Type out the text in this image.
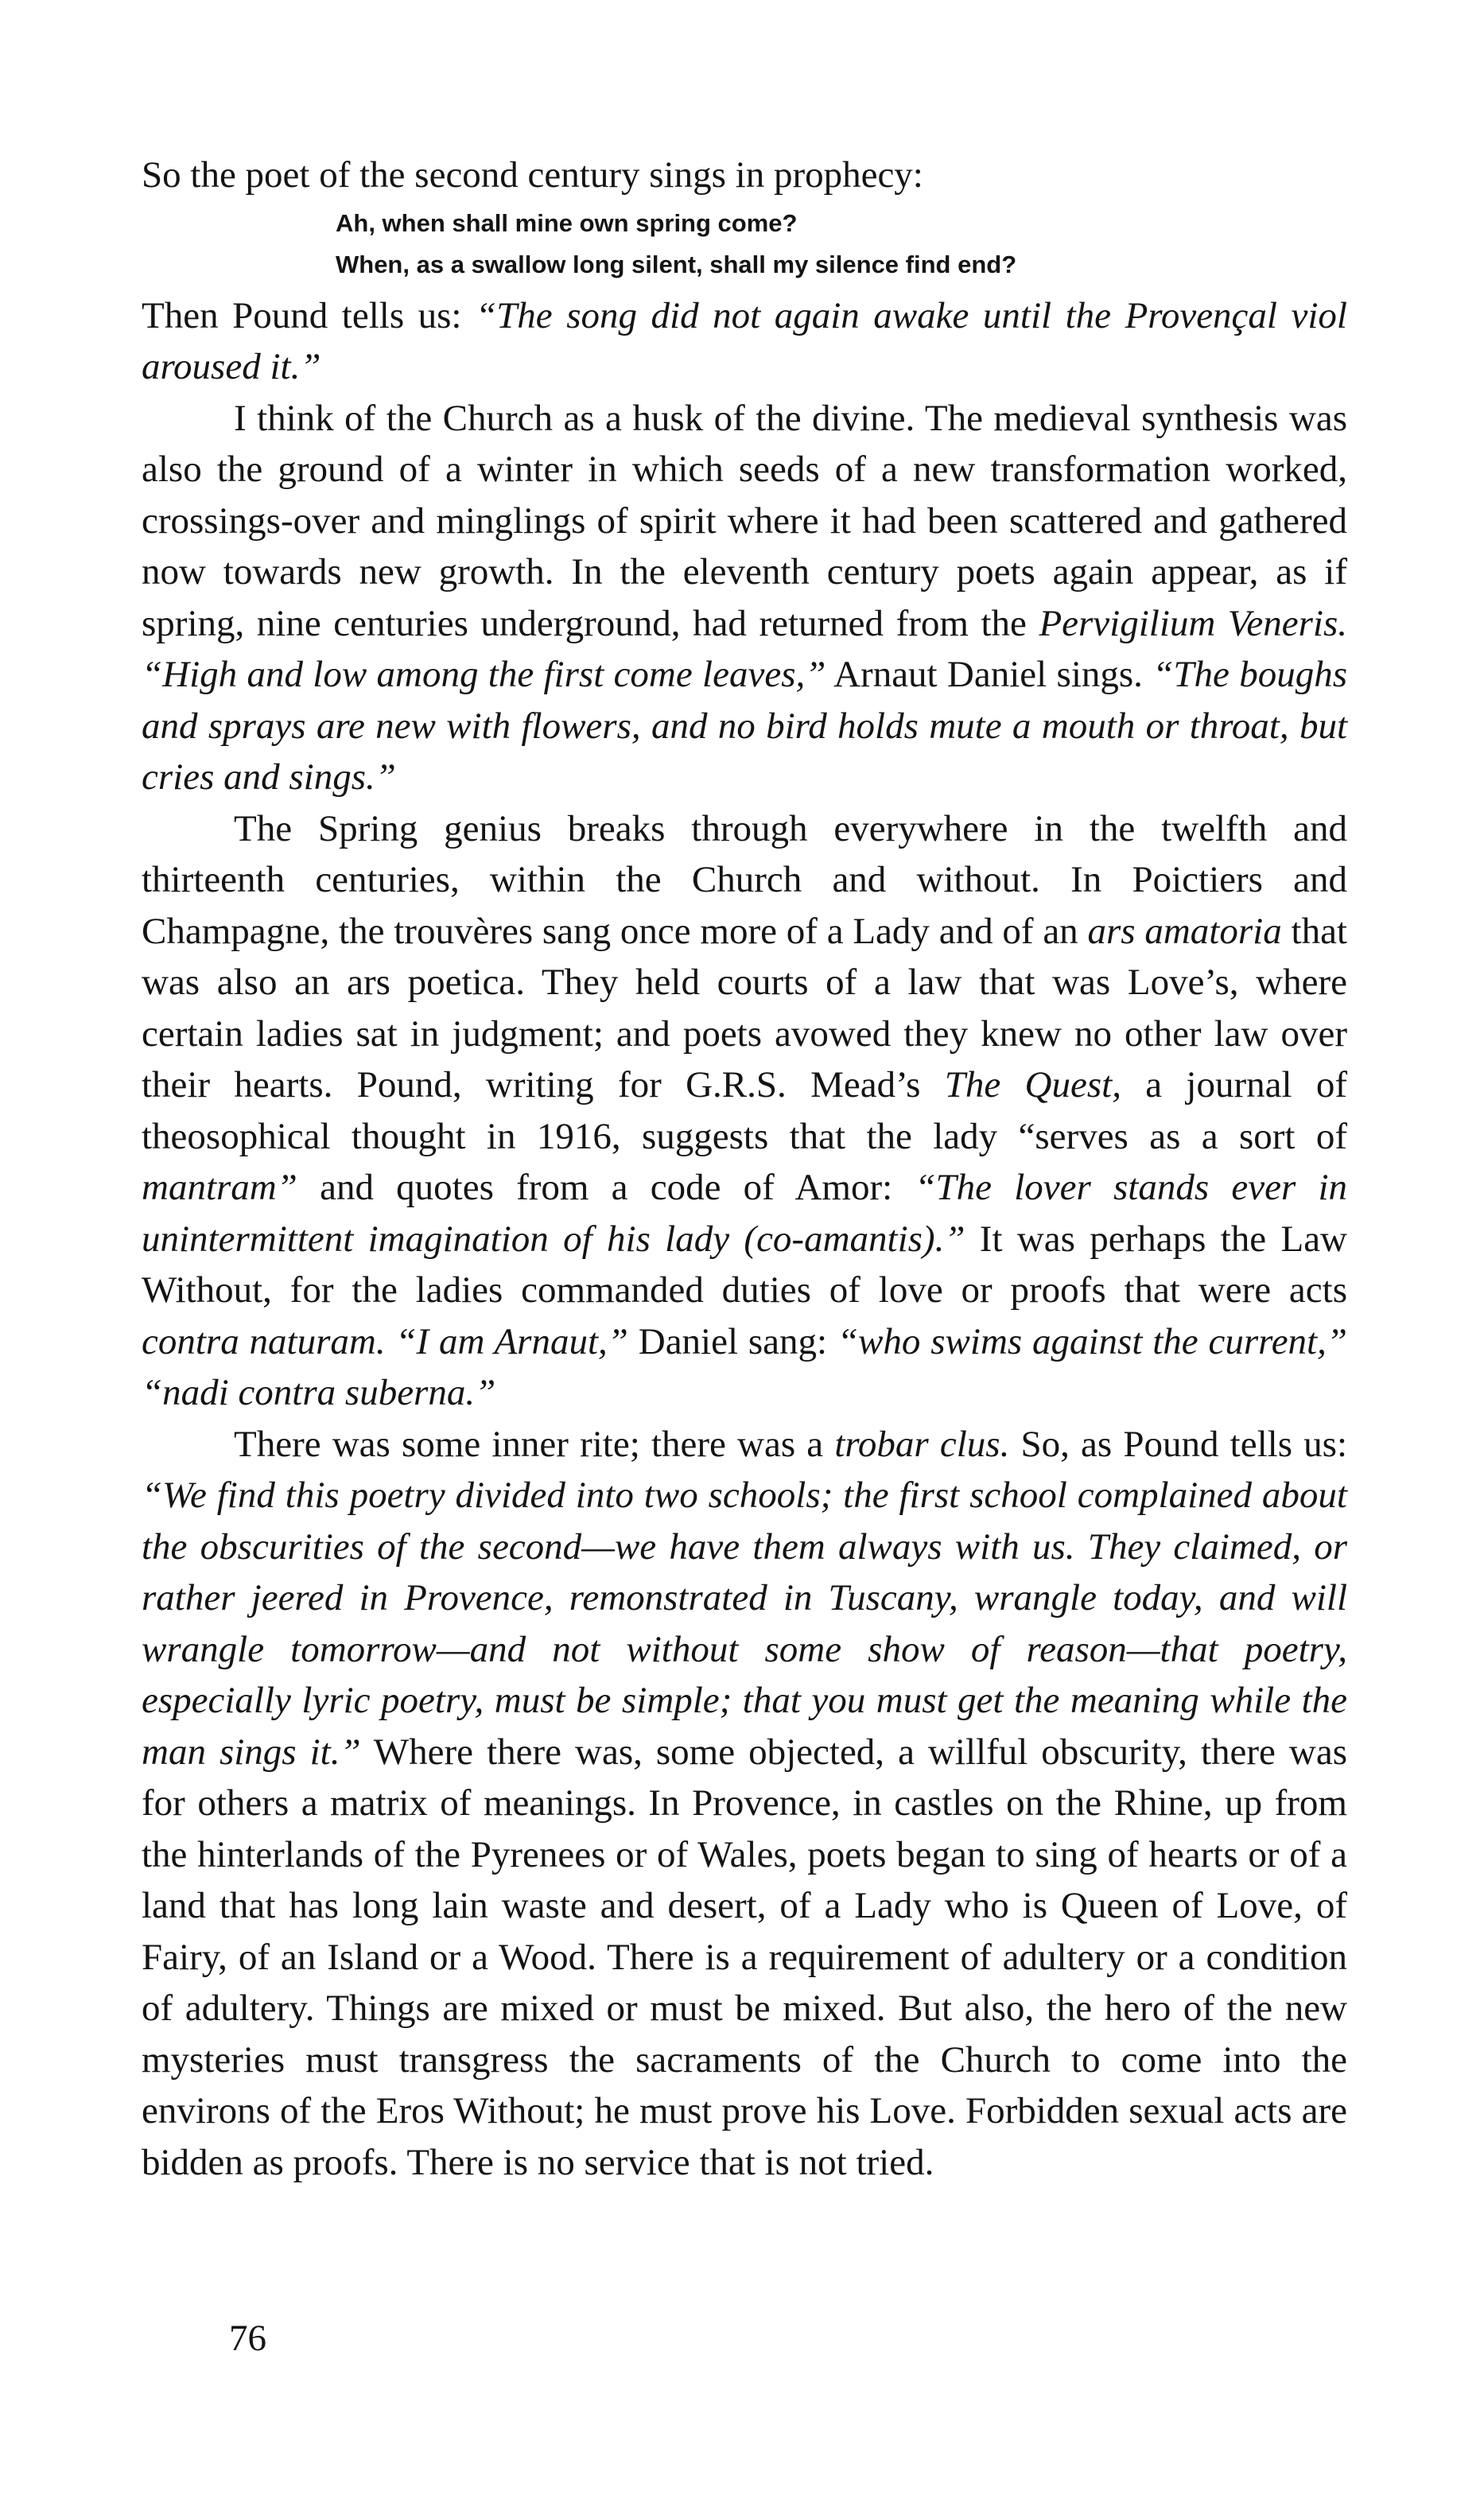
So the poet of the second century sings in prophecy:

Ah, when shall mine own spring come?
When, as a swallow long silent, shall my silence find end?

Then Pound tells us: “The song did not again awake until the Provençal viol aroused it.”

I think of the Church as a husk of the divine. The medieval synthesis was also the ground of a winter in which seeds of a new transformation worked, crossings-over and minglings of spirit where it had been scattered and gathered now towards new growth. In the eleventh century poets again appear, as if spring, nine centuries underground, had returned from the Pervigilium Veneris. “High and low among the first come leaves,” Arnaut Daniel sings. “The boughs and sprays are new with flowers, and no bird holds mute a mouth or throat, but cries and sings.”

The Spring genius breaks through everywhere in the twelfth and thirteenth centuries, within the Church and without. In Poictiers and Champagne, the trouvères sang once more of a Lady and of an ars amatoria that was also an ars poetica. They held courts of a law that was Love’s, where certain ladies sat in judgment; and poets avowed they knew no other law over their hearts. Pound, writing for G.R.S. Mead’s The Quest, a journal of theosophical thought in 1916, suggests that the lady “serves as a sort of mantram” and quotes from a code of Amor: “The lover stands ever in unintermittent imagination of his lady (co-amantis).” It was perhaps the Law Without, for the ladies commanded duties of love or proofs that were acts contra naturam. “I am Arnaut,” Daniel sang: “who swims against the current,” “nadi contra suberna.”

There was some inner rite; there was a trobar clus. So, as Pound tells us: “We find this poetry divided into two schools; the first school complained about the obscurities of the second—we have them always with us. They claimed, or rather jeered in Provence, remonstrated in Tuscany, wrangle today, and will wrangle tomorrow—and not without some show of reason—that poetry, especially lyric poetry, must be simple; that you must get the meaning while the man sings it.” Where there was, some objected, a willful obscurity, there was for others a matrix of meanings. In Provence, in castles on the Rhine, up from the hinterlands of the Pyrenees or of Wales, poets began to sing of hearts or of a land that has long lain waste and desert, of a Lady who is Queen of Love, of Fairy, of an Island or a Wood. There is a requirement of adultery or a condition of adultery. Things are mixed or must be mixed. But also, the hero of the new mysteries must transgress the sacraments of the Church to come into the environs of the Eros Without; he must prove his Love. Forbidden sexual acts are bidden as proofs. There is no service that is not tried.

76
